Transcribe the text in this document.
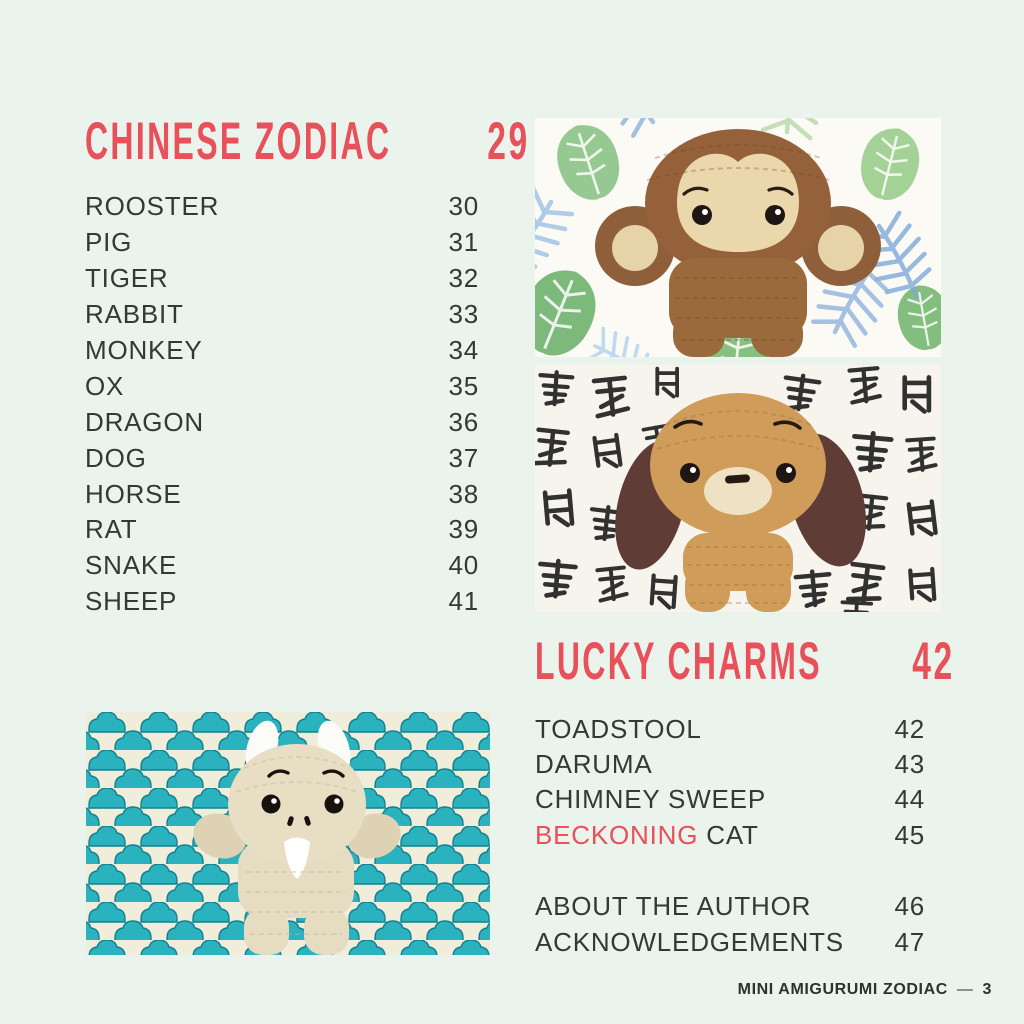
CHINESE ZODIAC 29
ROOSTER	30
PIG	31
TIGER	32
RABBIT	33
MONKEY	34
OX	35
DRAGON	36
DOG	37
HORSE	38
RAT	39
SNAKE	40
SHEEP	41
LUCKY CHARMS 42
TOADSTOOL	42
DARUMA	43
CHIMNEY SWEEP	44
BECKONING CAT	45
ABOUT THE AUTHOR	46
ACKNOWLEDGEMENTS 47
MINI AMIGURUMI ZODIAC — 3
